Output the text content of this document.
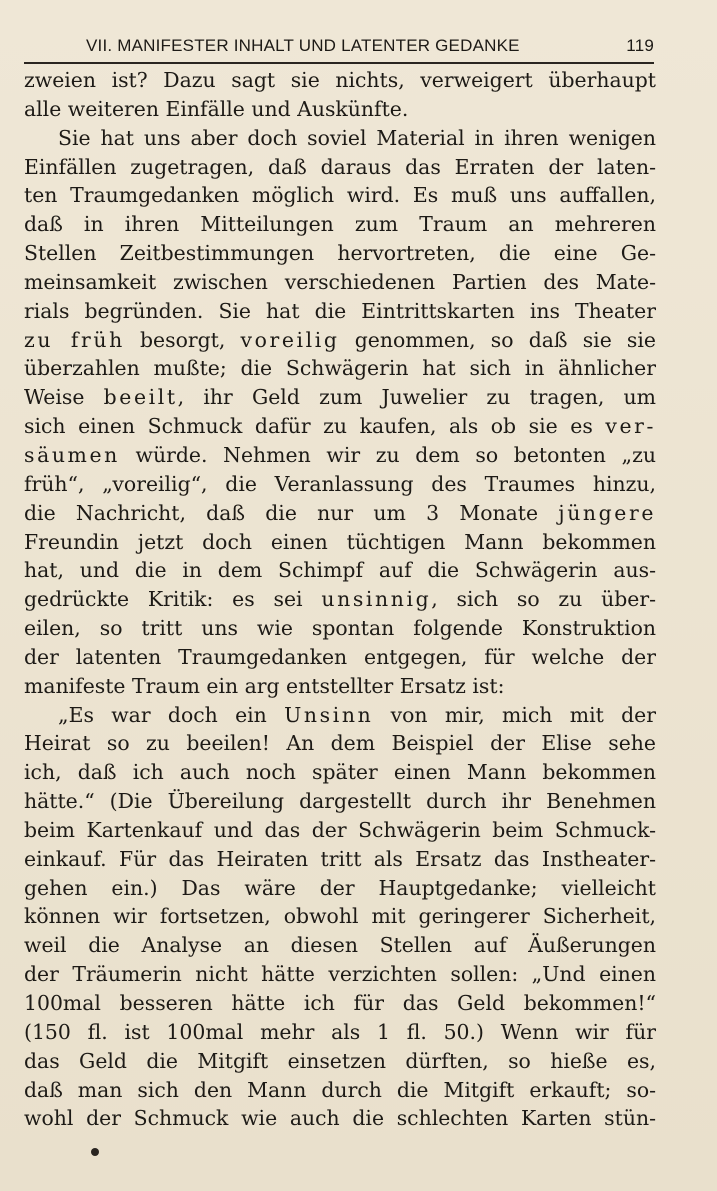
VII. MANIFESTER INHALT UND LATENTER GEDANKE	119
zweien ist? Dazu sagt sie nichts, verweigert überhaupt
alle weiteren Einfälle und Auskünfte.
Sie hat uns aber doch soviel Material in ihren wenigen
Einfällen zugetragen, daß daraus das Erraten der laten-
ten Traumgedanken möglich wird. Es muß uns auffallen,
daß in ihren Mitteilungen zum Traum an mehreren
Stellen Zeitbestimmungen hervortreten, die eine Ge-
meinsamkeit zwischen verschiedenen Partien des Mate-
rials begründen. Sie hat die Eintrittskarten ins Theater
zu früh besorgt, voreilig genommen, so daß sie sie
überzahlen mußte; die Schwägerin hat sich in ähnlicher
Weise beeilt, ihr Geld zum Juwelier zu tragen, um
sich einen Schmuck dafür zu kaufen, als ob sie es ver-
säumen würde. Nehmen wir zu dem so betonten „zu
früh“, „voreilig“, die Veranlassung des Traumes hinzu,
die Nachricht, daß die nur um 3 Monate jüngere
Freundin jetzt doch einen tüchtigen Mann bekommen
hat, und die in dem Schimpf auf die Schwägerin aus-
gedrückte Kritik: es sei unsinnig, sich so zu über-
eilen, so tritt uns wie spontan folgende Konstruktion
der latenten Traumgedanken entgegen, für welche der
manifeste Traum ein arg entstellter Ersatz ist:
„Es war doch ein Unsinn von mir, mich mit der
Heirat so zu beeilen! An dem Beispiel der Elise sehe
ich, daß ich auch noch später einen Mann bekommen
hätte.“ (Die Übereilung dargestellt durch ihr Benehmen
beim Kartenkauf und das der Schwägerin beim Schmuck-
einkauf. Für das Heiraten tritt als Ersatz das Instheater-
gehen ein.) Das wäre der Hauptgedanke; vielleicht
können wir fortsetzen, obwohl mit geringerer Sicherheit,
weil die Analyse an diesen Stellen auf Äußerungen
der Träumerin nicht hätte verzichten sollen: „Und einen
100mal besseren hätte ich für das Geld bekommen!“
(150 fl. ist 100mal mehr als 1 fl. 50.) Wenn wir für
das Geld die Mitgift einsetzen dürften, so hieße es,
daß man sich den Mann durch die Mitgift erkauft; so-
wohl der Schmuck wie auch die schlechten Karten stün-
